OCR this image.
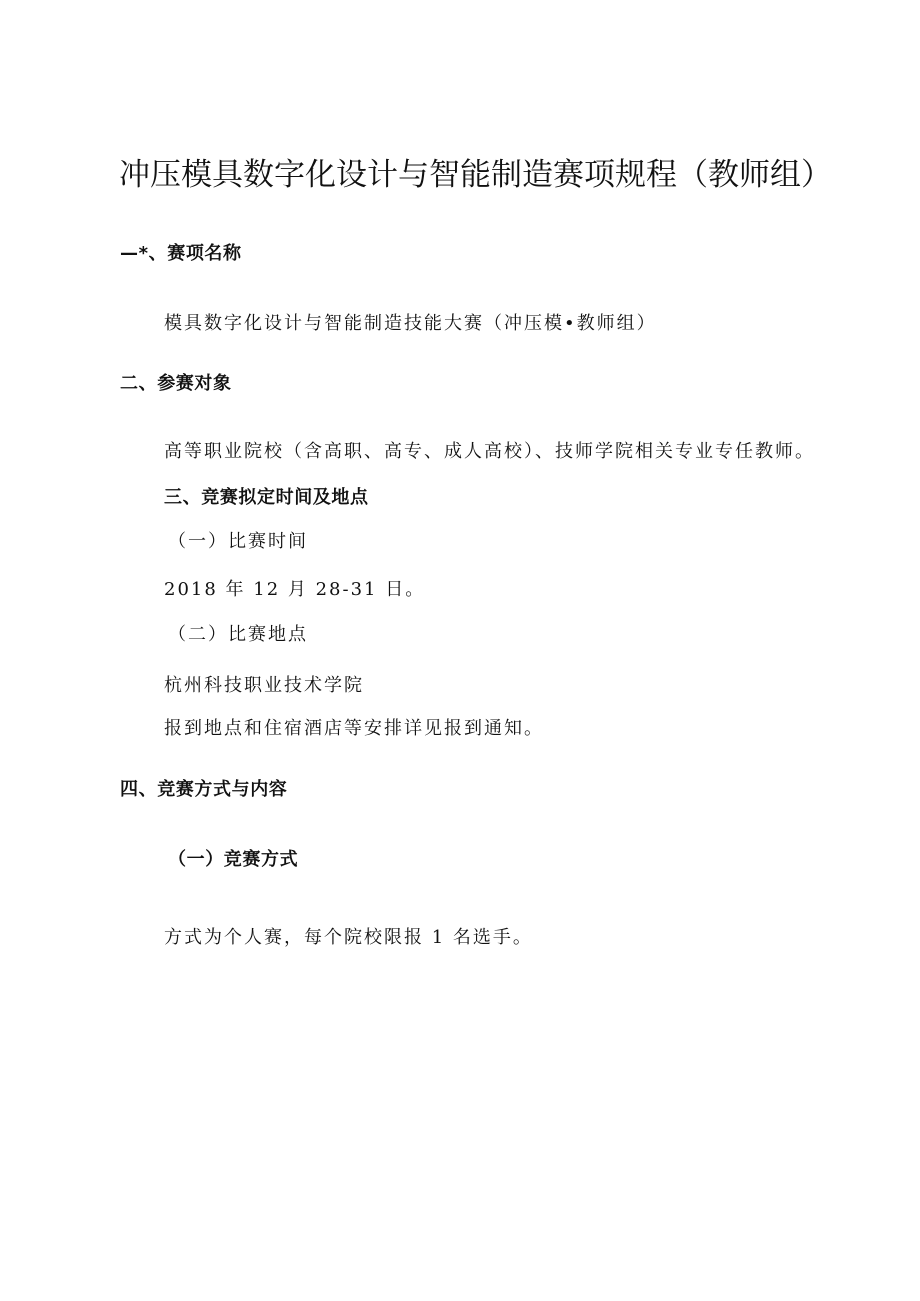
冲压模具数字化设计与智能制造赛项规程（教师组）
—*、赛项名称
模具数字化设计与智能制造技能大赛（冲压模•教师组）
二、参赛对象
高等职业院校（含高职、高专、成人高校）、技师学院相关专业专任教师。
三、竞赛拟定时间及地点
（一）比赛时间
2018 年 12 月 28-31 日。
（二）比赛地点
杭州科技职业技术学院
报到地点和住宿酒店等安排详见报到通知。
四、竞赛方式与内容
（一）竞赛方式
方式为个人赛，每个院校限报 1 名选手。
